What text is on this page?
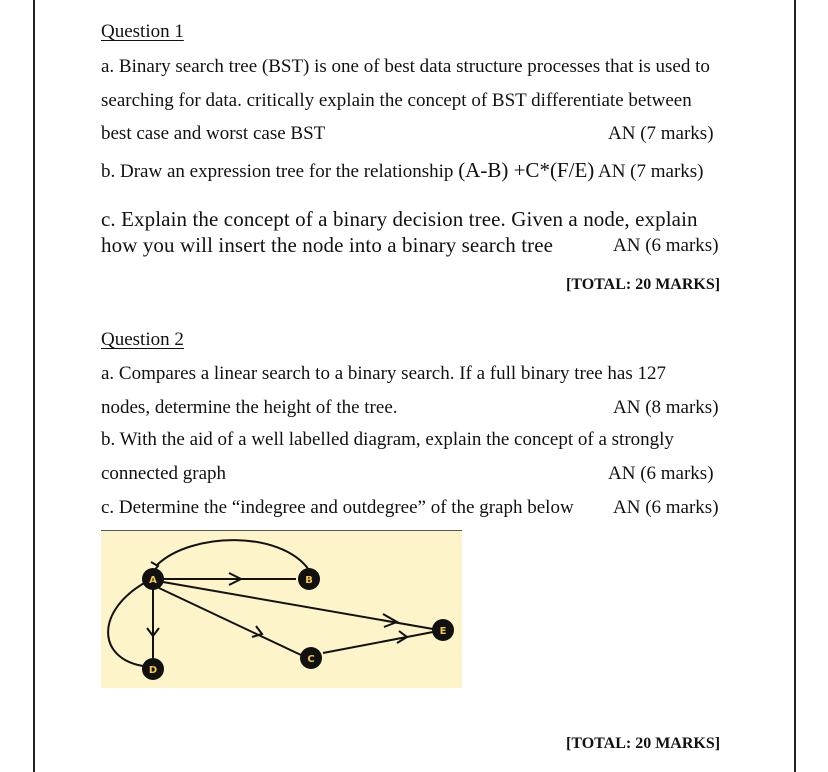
Question 1
a. Binary search tree (BST) is one of best data structure processes that is used to
searching for data. critically explain the concept of BST differentiate between
best case and worst case BST	AN (7 marks)
b. Draw an expression tree for the relationship (A-B) +C*(F/E) AN (7 marks)
c. Explain the concept of a binary decision tree. Given a node, explain
how you will insert the node into a binary search tree	AN (6 marks)
[TOTAL: 20 MARKS]
Question 2
a. Compares a linear search to a binary search. If a full binary tree has 127
nodes, determine the height of the tree.	AN (8 marks)
b. With the aid of a well labelled diagram, explain the concept of a strongly
connected graph	AN (6 marks)
c. Determine the “indegree and outdegree” of the graph below AN (6 marks)
A	B
C
D
E
[TOTAL: 20 MARKS]
